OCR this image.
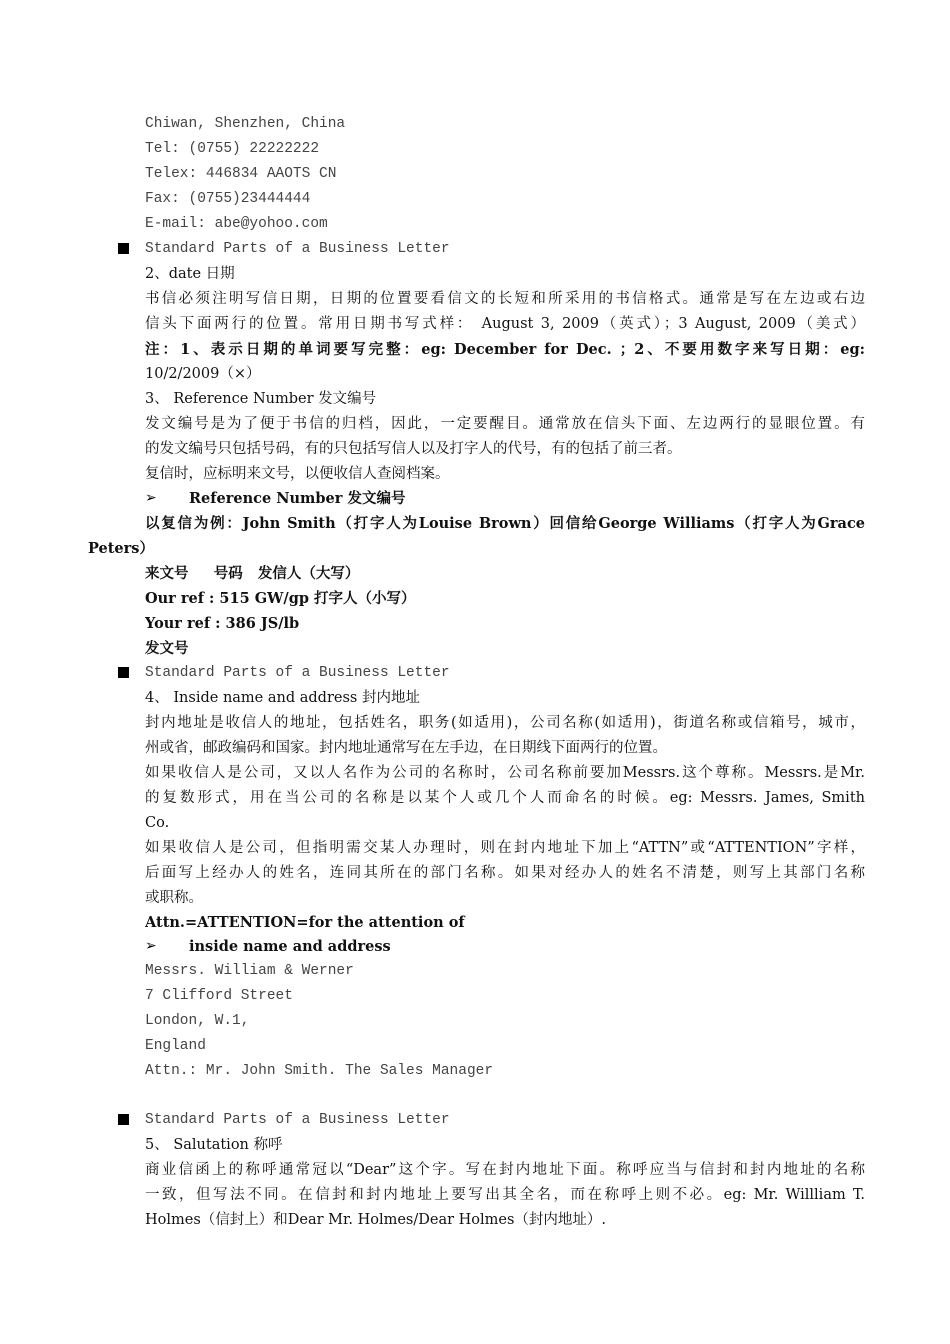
Chiwan, Shenzhen, China
Tel: (0755) 22222222
Telex: 446834 AAOTS CN
Fax: (0755)23444444
E-mail: abe@yohoo.com
Standard Parts of a Business Letter
2、date 日期
书信必须注明写信日期，日期的位置要看信文的长短和所采用的书信格式。通常是写在左边或右边
信头下面两行的位置。常用日期书写式样： August 3, 2009（英式）；3 August, 2009（美式）
注：1、表示日期的单词要写完整：eg: December for Dec. ；2、不要用数字来写日期：eg:
10/2/2009（×）
3、 Reference Number 发文编号
发文编号是为了便于书信的归档，因此，一定要醒目。通常放在信头下面、左边两行的显眼位置。有
的发文编号只包括号码，有的只包括写信人以及打字人的代号，有的包括了前三者。
复信时，应标明来文号，以便收信人查阅档案。
➢ Reference Number 发文编号
以复信为例：John Smith（打字人为Louise Brown）回信给George Williams（打字人为Grace
Peters）
来文号     号码   发信人（大写）
Our ref : 515 GW/gp 打字人（小写）
Your ref : 386 JS/lb
发文号
Standard Parts of a Business Letter
4、 Inside name and address 封内地址
封内地址是收信人的地址，包括姓名，职务(如适用)，公司名称(如适用)，街道名称或信箱号，城市，
州或省，邮政编码和国家。封内地址通常写在左手边，在日期线下面两行的位置。
如果收信人是公司，又以人名作为公司的名称时，公司名称前要加Messrs.这个尊称。Messrs.是Mr.
的复数形式，用在当公司的名称是以某个人或几个人而命名的时候。eg: Messrs. James, Smith
Co.
如果收信人是公司，但指明需交某人办理时，则在封内地址下加上“ATTN”或“ATTENTION”字样，
后面写上经办人的姓名，连同其所在的部门名称。如果对经办人的姓名不清楚，则写上其部门名称
或职称。
Attn.=ATTENTION=for the attention of
➢ inside name and address
Messrs. William & Werner
7 Clifford Street
London, W.1,
England
Attn.: Mr. John Smith. The Sales Manager
Standard Parts of a Business Letter
5、 Salutation 称呼
商业信函上的称呼通常冠以“Dear”这个字。写在封内地址下面。称呼应当与信封和封内地址的名称
一致，但写法不同。在信封和封内地址上要写出其全名，而在称呼上则不必。eg: Mr. Willliam T.
Holmes（信封上）和Dear Mr. Holmes/Dear Holmes（封内地址）.
